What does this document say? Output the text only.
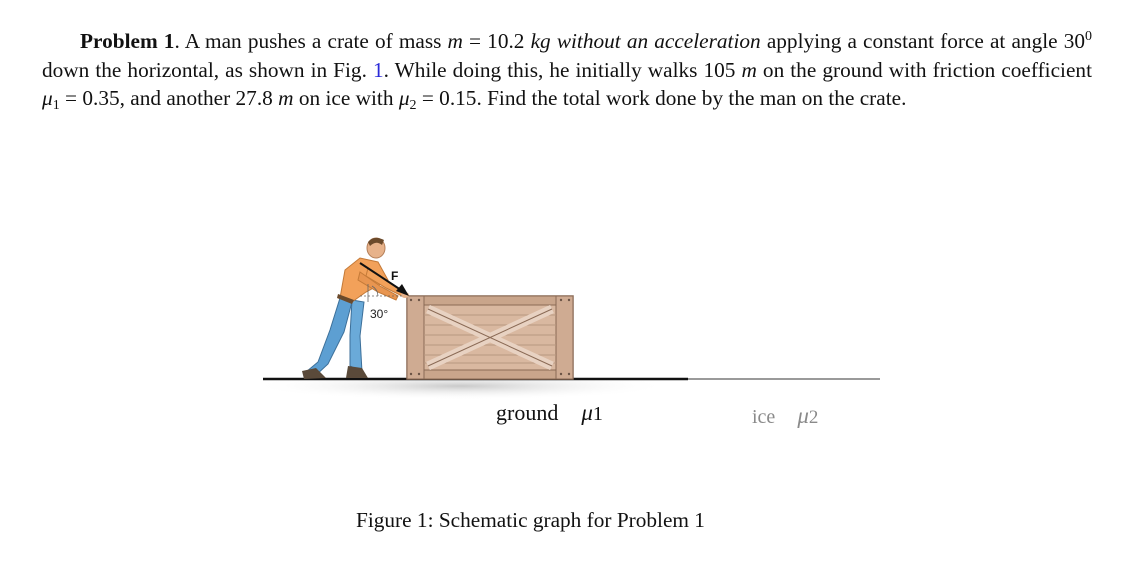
Problem 1. A man pushes a crate of mass m = 10.2 kg without an acceleration applying a constant force at angle $30^0$ down the horizontal, as shown in Fig. 1. While doing this, he initially walks 105 m on the ground with friction coefficient $\mu_1 = 0.35$, and another 27.8 m on ice with $\mu_2 = 0.15$. Find the total work done by the man on the crate.

F
30°
ground μ1	ice μ2
Figure 1: Schematic graph for Problem 1
